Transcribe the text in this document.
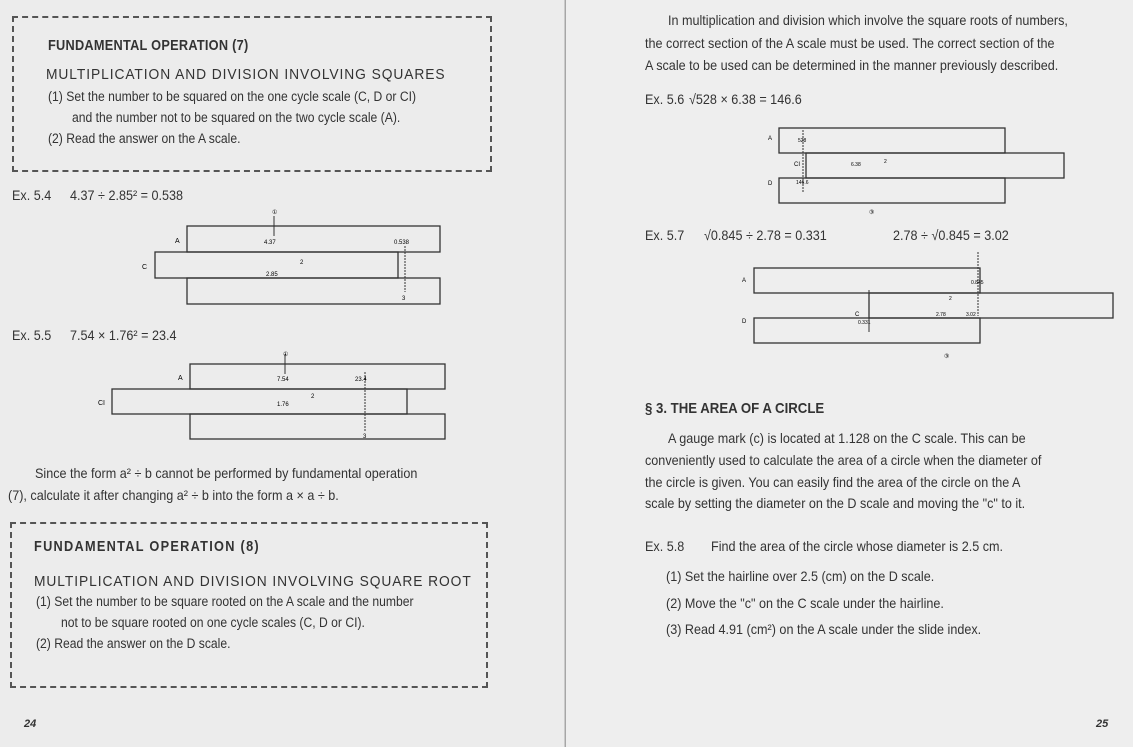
FUNDAMENTAL OPERATION (7)
MULTIPLICATION AND DIVISION INVOLVING SQUARES
(1) Set the number to be squared on the one cycle scale (C, D or CI)
and the number not to be squared on the two cycle scale (A).
(2) Read the answer on the A scale.
Ex. 5.4 4.37 ÷ 2.85² = 0.538
①
A
C
4.37	0.538
2.85
2
3
Ex. 5.5 7.54 × 1.76² = 23.4
①
A
CI
7.54	23.4
1.76
2
3
Since the form a² ÷ b cannot be performed by fundamental operation
(7), calculate it after changing a² ÷ b into the form a × a ÷ b.
FUNDAMENTAL OPERATION (8)
MULTIPLICATION AND DIVISION INVOLVING SQUARE ROOT
(1) Set the number to be square rooted on the A scale and the number
not to be square rooted on one cycle scales (C, D or CI).
(2) Read the answer on the D scale.
24
In multiplication and division which involve the square roots of numbers,
the correct section of the A scale must be used. The correct section of the
A scale to be used can be determined in the manner previously described.
Ex. 5.6 √528 × 6.38 = 146.6
A
CI
D
528
6.38
146.6
2
③
Ex. 5.7 √0.845 ÷ 2.78 = 0.331	2.78 ÷ √0.845 = 3.02
A
C
D
0.845
2.78	3.02
0.331
2
③
§ 3. THE AREA OF A CIRCLE
A gauge mark (c) is located at 1.128 on the C scale. This can be
conveniently used to calculate the area of a circle when the diameter of
the circle is given. You can easily find the area of the circle on the A
scale by setting the diameter on the D scale and moving the "c" to it.
Ex. 5.8 Find the area of the circle whose diameter is 2.5 cm.
(1) Set the hairline over 2.5 (cm) on the D scale.
(2) Move the "c" on the C scale under the hairline.
(3) Read 4.91 (cm²) on the A scale under the slide index.
25
